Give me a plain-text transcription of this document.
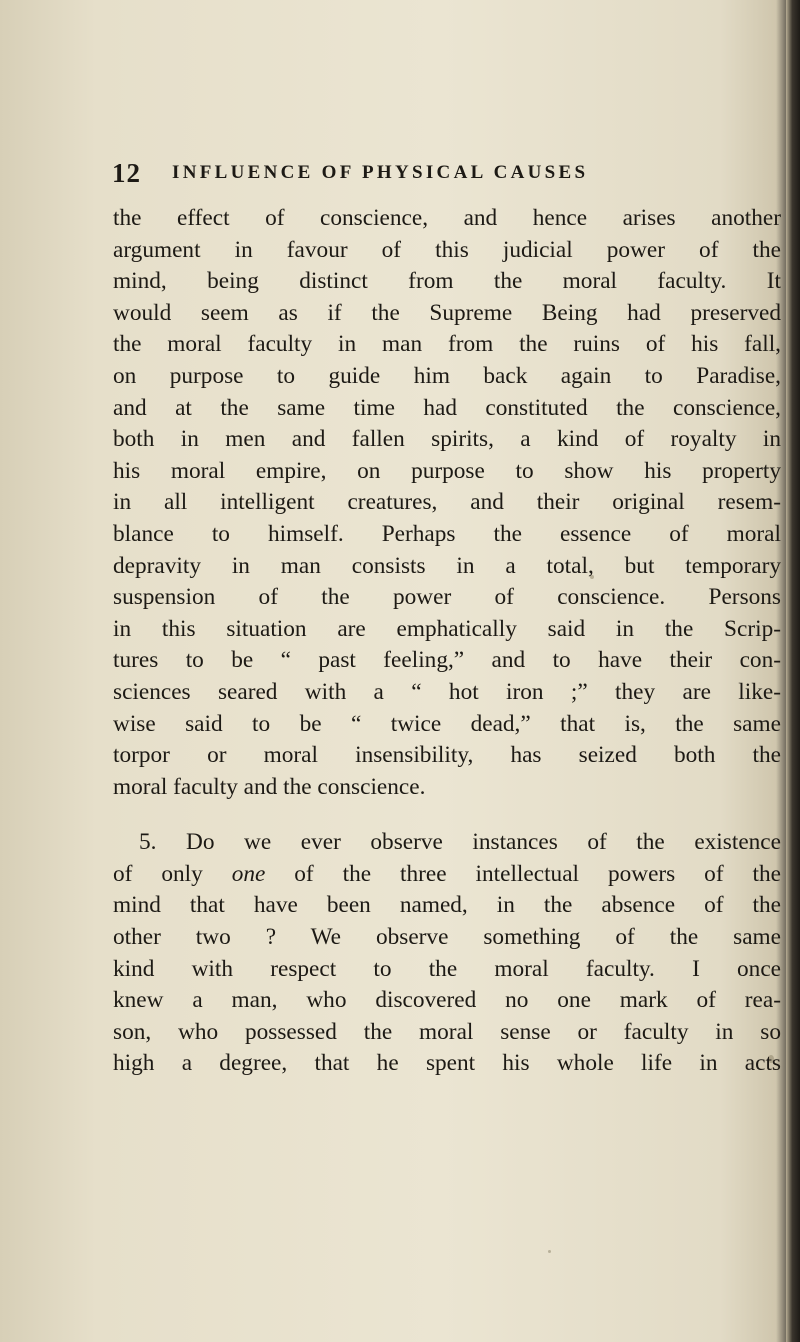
12 INFLUENCE OF PHYSICAL CAUSES
the effect of conscience, and hence arises another
argument in favour of this judicial power of the
mind, being distinct from the moral faculty. It
would seem as if the Supreme Being had preserved
the moral faculty in man from the ruins of his fall,
on purpose to guide him back again to Paradise,
and at the same time had constituted the conscience,
both in men and fallen spirits, a kind of royalty in
his moral empire, on purpose to show his property
in all intelligent creatures, and their original resem-
blance to himself. Perhaps the essence of moral
depravity in man consists in a total, but temporary
suspension of the power of conscience. Persons
in this situation are emphatically said in the Scrip-
tures to be “ past feeling,” and to have their con-
sciences seared with a “ hot iron ;” they are like-
wise said to be “ twice dead,” that is, the same
torpor or moral insensibility, has seized both the
moral faculty and the conscience.
5. Do we ever observe instances of the existence
of only one of the three intellectual powers of the
mind that have been named, in the absence of the
other two ? We observe something of the same
kind with respect to the moral faculty. I once
knew a man, who discovered no one mark of rea-
son, who possessed the moral sense or faculty in so
high a degree, that he spent his whole life in acts
